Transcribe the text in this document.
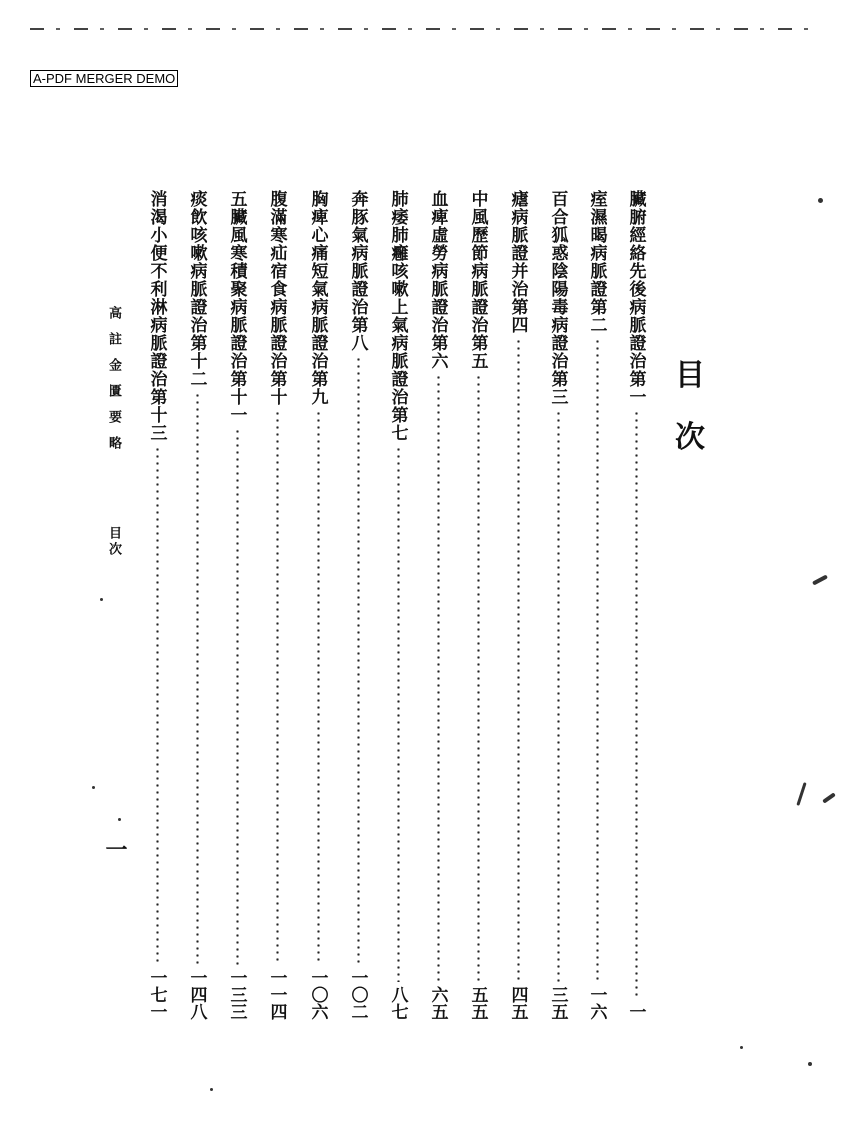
A-PDF MERGER DEMO
目
次
臟腑經絡先後病脈證治第一
一
痓濕暍病脈證第二
一六
百合狐惑陰陽毒病證治第三
三五
瘧病脈證并治第四
四五
中風歷節病脈證治第五
五五
血痺虛勞病脈證治第六
六五
肺痿肺癰咳嗽上氣病脈證治第七
八七
奔豚氣病脈證治第八
一〇二
胸痺心痛短氣病脈證治第九
一〇六
腹滿寒疝宿食病脈證治第十
一一四
五臟風寒積聚病脈證治第十一
一三三
痰飲咳嗽病脈證治第十二
一四八
消渴小便不利淋病脈證治第十三
一七一
高註金匱要略
目次
一
